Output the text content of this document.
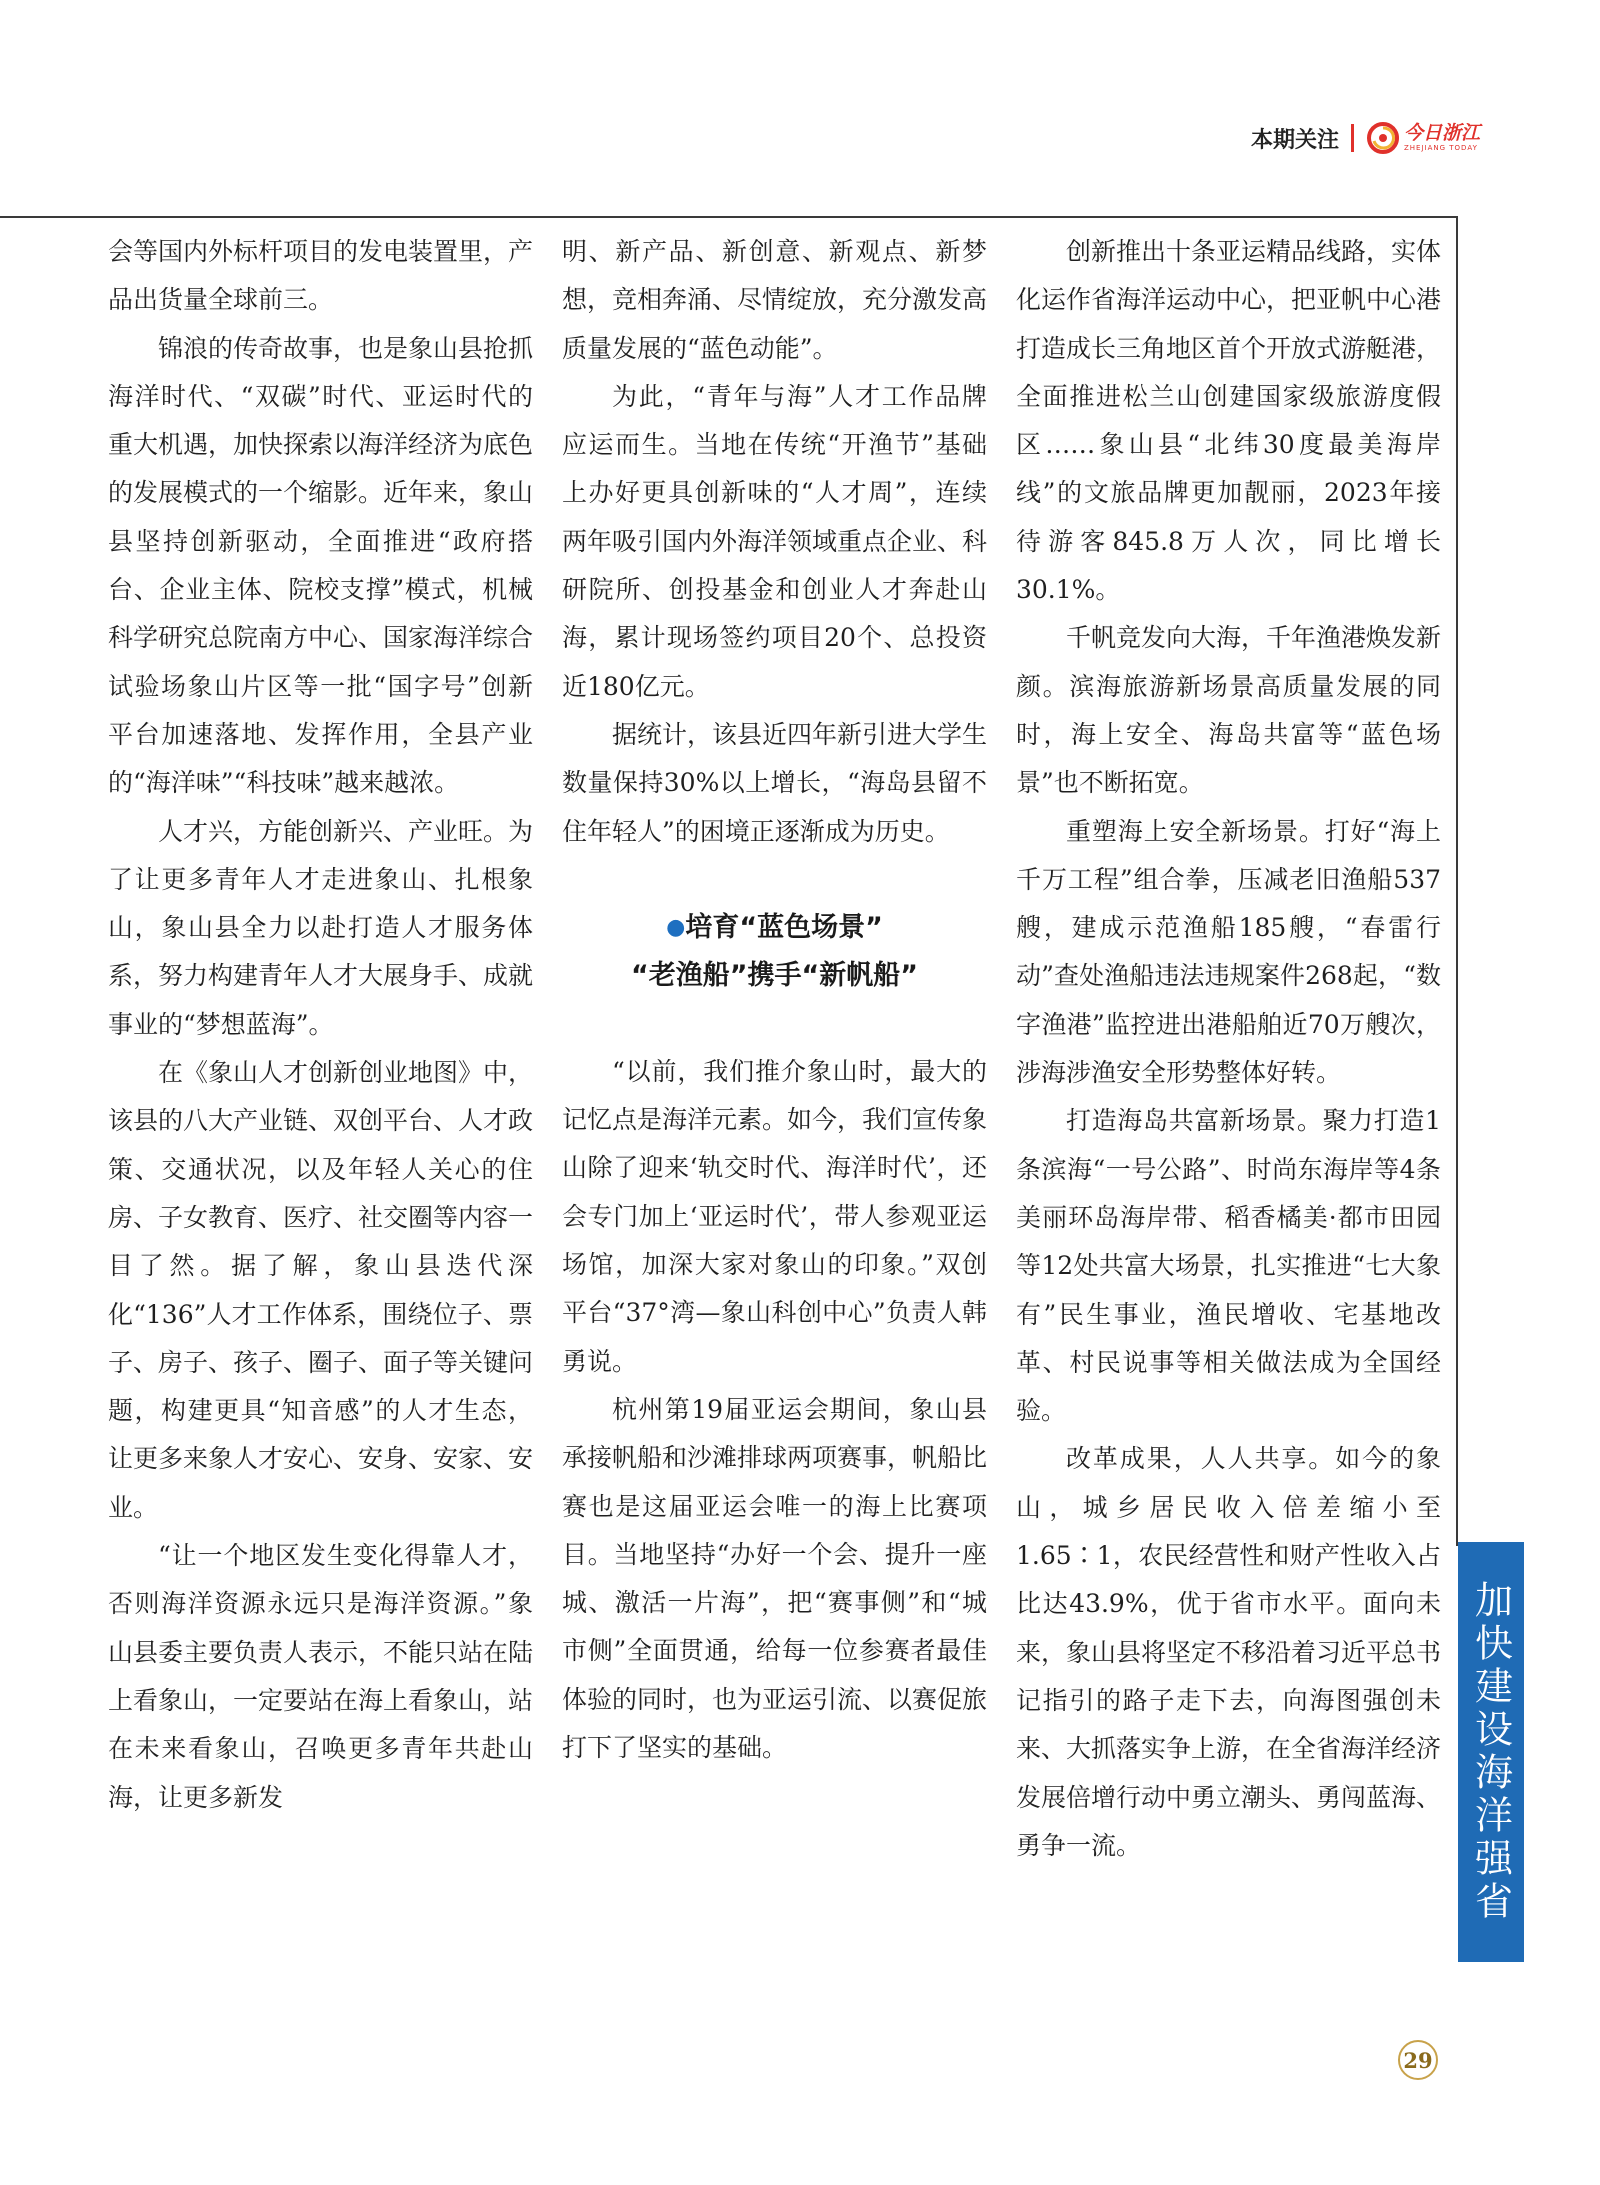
本期关注	今日浙江
ZHEJIANG TODAY

会等国内外标杆项目的发电装置里，产品出货量全球前三。

锦浪的传奇故事，也是象山县抢抓海洋时代、“双碳”时代、亚运时代的重大机遇，加快探索以海洋经济为底色的发展模式的一个缩影。近年来，象山县坚持创新驱动，全面推进“政府搭台、企业主体、院校支撑”模式，机械科学研究总院南方中心、国家海洋综合试验场象山片区等一批“国字号”创新平台加速落地、发挥作用，全县产业的“海洋味”“科技味”越来越浓。

人才兴，方能创新兴、产业旺。为了让更多青年人才走进象山、扎根象山，象山县全力以赴打造人才服务体系，努力构建青年人才大展身手、成就事业的“梦想蓝海”。

在《象山人才创新创业地图》中，该县的八大产业链、双创平台、人才政策、交通状况，以及年轻人关心的住房、子女教育、医疗、社交圈等内容一目了然。据了解，象山县迭代深化“136”人才工作体系，围绕位子、票子、房子、孩子、圈子、面子等关键问题，构建更具“知音感”的人才生态，让更多来象人才安心、安身、安家、安业。

“让一个地区发生变化得靠人才，否则海洋资源永远只是海洋资源。”象山县委主要负责人表示，不能只站在陆上看象山，一定要站在海上看象山，站在未来看象山，召唤更多青年共赴山海，让更多新发

明、新产品、新创意、新观点、新梦想，竞相奔涌、尽情绽放，充分激发高质量发展的“蓝色动能”。

为此，“青年与海”人才工作品牌应运而生。当地在传统“开渔节”基础上办好更具创新味的“人才周”，连续两年吸引国内外海洋领域重点企业、科研院所、创投基金和创业人才奔赴山海，累计现场签约项目20个、总投资近180亿元。

据统计，该县近四年新引进大学生数量保持30%以上增长，“海岛县留不住年轻人”的困境正逐渐成为历史。

●培育“蓝色场景”
“老渔船”携手“新帆船”

“以前，我们推介象山时，最大的记忆点是海洋元素。如今，我们宣传象山除了迎来‘轨交时代、海洋时代’，还会专门加上‘亚运时代’，带人参观亚运场馆，加深大家对象山的印象。”双创平台“37°湾—象山科创中心”负责人韩勇说。

杭州第19届亚运会期间，象山县承接帆船和沙滩排球两项赛事，帆船比赛也是这届亚运会唯一的海上比赛项目。当地坚持“办好一个会、提升一座城、激活一片海”，把“赛事侧”和“城市侧”全面贯通，给每一位参赛者最佳体验的同时，也为亚运引流、以赛促旅打下了坚实的基础。

创新推出十条亚运精品线路，实体化运作省海洋运动中心，把亚帆中心港打造成长三角地区首个开放式游艇港，全面推进松兰山创建国家级旅游度假区……象山县“北纬30度最美海岸线”的文旅品牌更加靓丽，2023年接待游客845.8万人次，同比增长30.1%。

千帆竞发向大海，千年渔港焕发新颜。滨海旅游新场景高质量发展的同时，海上安全、海岛共富等“蓝色场景”也不断拓宽。

重塑海上安全新场景。打好“海上千万工程”组合拳，压减老旧渔船537艘，建成示范渔船185艘，“春雷行动”查处渔船违法违规案件268起，“数字渔港”监控进出港船舶近70万艘次，涉海涉渔安全形势整体好转。

打造海岛共富新场景。聚力打造1条滨海“一号公路”、时尚东海岸等4条美丽环岛海岸带、稻香橘美·都市田园等12处共富大场景，扎实推进“七大象有”民生事业，渔民增收、宅基地改革、村民说事等相关做法成为全国经验。

改革成果，人人共享。如今的象山，城乡居民收入倍差缩小至1.65∶1，农民经营性和财产性收入占比达43.9%，优于省市水平。面向未来，象山县将坚定不移沿着习近平总书记指引的路子走下去，向海图强创未来、大抓落实争上游，在全省海洋经济发展倍增行动中勇立潮头、勇闯蓝海、勇争一流。	加快建设海洋强省
29
